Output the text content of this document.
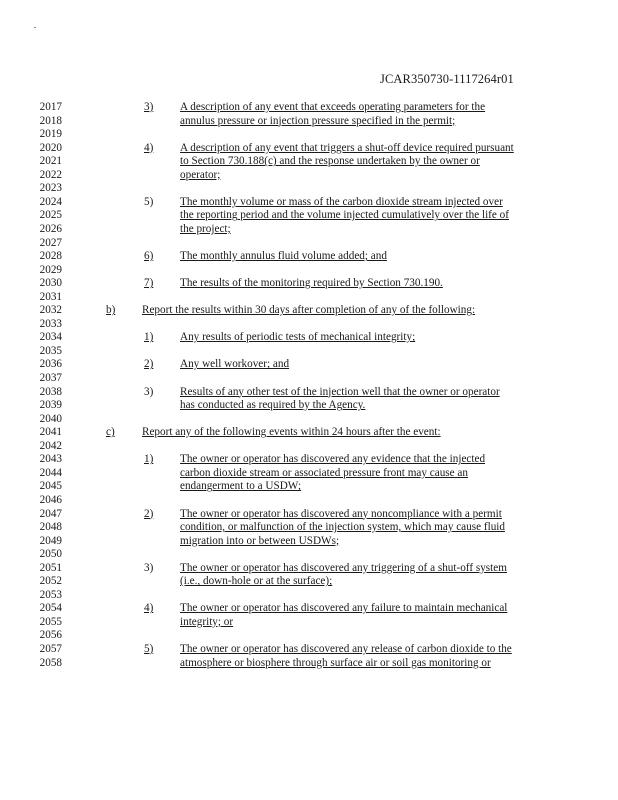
JCAR350730-1117264r01
2017
2018
2019
2020
2021
2022
2023
2024
2025
2026
2027
2028
2029
2030
2031
2032
2033
2034
2035
2036
2037
2038
2039
2040
2041
2042
2043
2044
2045
2046
2047
2048
2049
2050
2051
2052
2053
2054
2055
2056
2057
2058
3) A description of any event that exceeds operating parameters for the
annulus pressure or injection pressure specified in the permit;
4) A description of any event that triggers a shut-off device required pursuant
to Section 730.188(c) and the response undertaken by the owner or
operator;
5) The monthly volume or mass of the carbon dioxide stream injected over
the reporting period and the volume injected cumulatively over the life of
the project;
6) The monthly annulus fluid volume added; and
7) The results of the monitoring required by Section 730.190.
b) Report the results within 30 days after completion of any of the following:
1) Any results of periodic tests of mechanical integrity;
2) Any well workover; and
3) Results of any other test of the injection well that the owner or operator
has conducted as required by the Agency.
c) Report any of the following events within 24 hours after the event:
1) The owner or operator has discovered any evidence that the injected
carbon dioxide stream or associated pressure front may cause an
endangerment to a USDW;
2) The owner or operator has discovered any noncompliance with a permit
condition, or malfunction of the injection system, which may cause fluid
migration into or between USDWs;
3) The owner or operator has discovered any triggering of a shut-off system
(i.e., down-hole or at the surface);
4) The owner or operator has discovered any failure to maintain mechanical
integrity; or
5) The owner or operator has discovered any release of carbon dioxide to the
atmosphere or biosphere through surface air or soil gas monitoring or
